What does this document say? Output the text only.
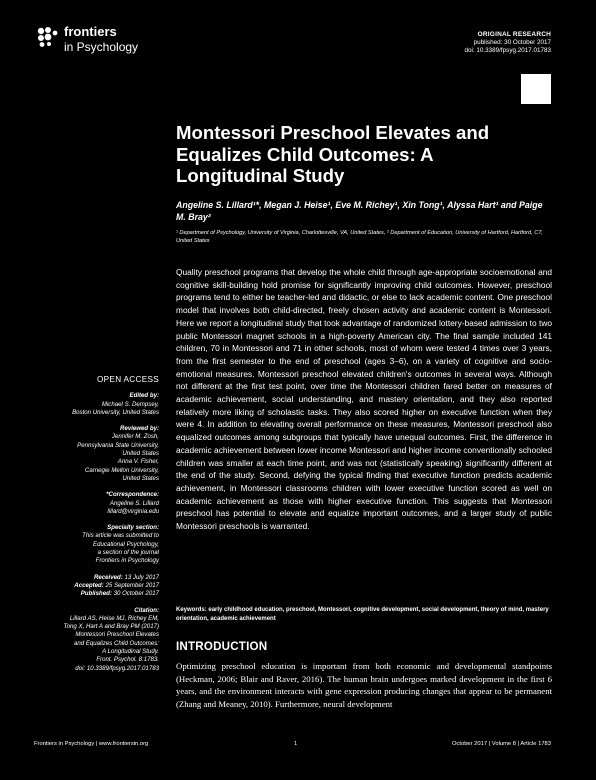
frontiers
in Psychology
ORIGINAL RESEARCH
published: 30 October 2017
doi: 10.3389/fpsyg.2017.01783
Montessori Preschool Elevates and Equalizes Child Outcomes: A Longitudinal Study
Angeline S. Lillard¹*, Megan J. Heise¹, Eve M. Richey¹, Xin Tong¹, Alyssa Hart¹ and Paige M. Bray²
¹ Department of Psychology, University of Virginia, Charlottesville, VA, United States, ² Department of Education, University of Hartford, Hartford, CT, United States
Quality preschool programs that develop the whole child through age-appropriate socioemotional and cognitive skill-building hold promise for significantly improving child outcomes. However, preschool programs tend to either be teacher-led and didactic, or else to lack academic content. One preschool model that involves both child-directed, freely chosen activity and academic content is Montessori. Here we report a longitudinal study that took advantage of randomized lottery-based admission to two public Montessori magnet schools in a high-poverty American city. The final sample included 141 children, 70 in Montessori and 71 in other schools, most of whom were tested 4 times over 3 years, from the first semester to the end of preschool (ages 3–6), on a variety of cognitive and socio-emotional measures. Montessori preschool elevated children's outcomes in several ways. Although not different at the first test point, over time the Montessori children fared better on measures of academic achievement, social understanding, and mastery orientation, and they also reported relatively more liking of scholastic tasks. They also scored higher on executive function when they were 4. In addition to elevating overall performance on these measures, Montessori preschool also equalized outcomes among subgroups that typically have unequal outcomes. First, the difference in academic achievement between lower income Montessori and higher income conventionally schooled children was smaller at each time point, and was not (statistically speaking) significantly different at the end of the study. Second, defying the typical finding that executive function predicts academic achievement, in Montessori classrooms children with lower executive function scored as well on academic achievement as those with higher executive function. This suggests that Montessori preschool has potential to elevate and equalize important outcomes, and a larger study of public Montessori preschools is warranted.
Keywords: early childhood education, preschool, Montessori, cognitive development, social development, theory of mind, mastery orientation, academic achievement
OPEN ACCESS
Edited by:
Michael S. Dempsey,
Boston University, United States
Reviewed by:
Jennifer M. Zosh,
Pennsylvania State University,
United States
Anna V. Fisher,
Carnegie Mellon University,
United States
*Correspondence:
Angeline S. Lillard
lillard@virginia.edu
Specialty section:
This article was submitted to
Educational Psychology,
a section of the journal
Frontiers in Psychology
Received: 13 July 2017
Accepted: 25 September 2017
Published: 30 October 2017
Citation:
Lillard AS, Heise MJ, Richey EM,
Tong X, Hart A and Bray PM (2017)
Montessori Preschool Elevates
and Equalizes Child Outcomes:
A Longitudinal Study.
Front. Psychol. 8:1783.
doi: 10.3389/fpsyg.2017.01783
INTRODUCTION
Optimizing preschool education is important from both economic and developmental standpoints (Heckman, 2006; Blair and Raver, 2016). The human brain undergoes marked development in the first 6 years, and the environment interacts with gene expression producing changes that appear to be permanent (Zhang and Meaney, 2010). Furthermore, neural development
Frontiers in Psychology | www.frontiersin.org	1	October 2017 | Volume 8 | Article 1783
